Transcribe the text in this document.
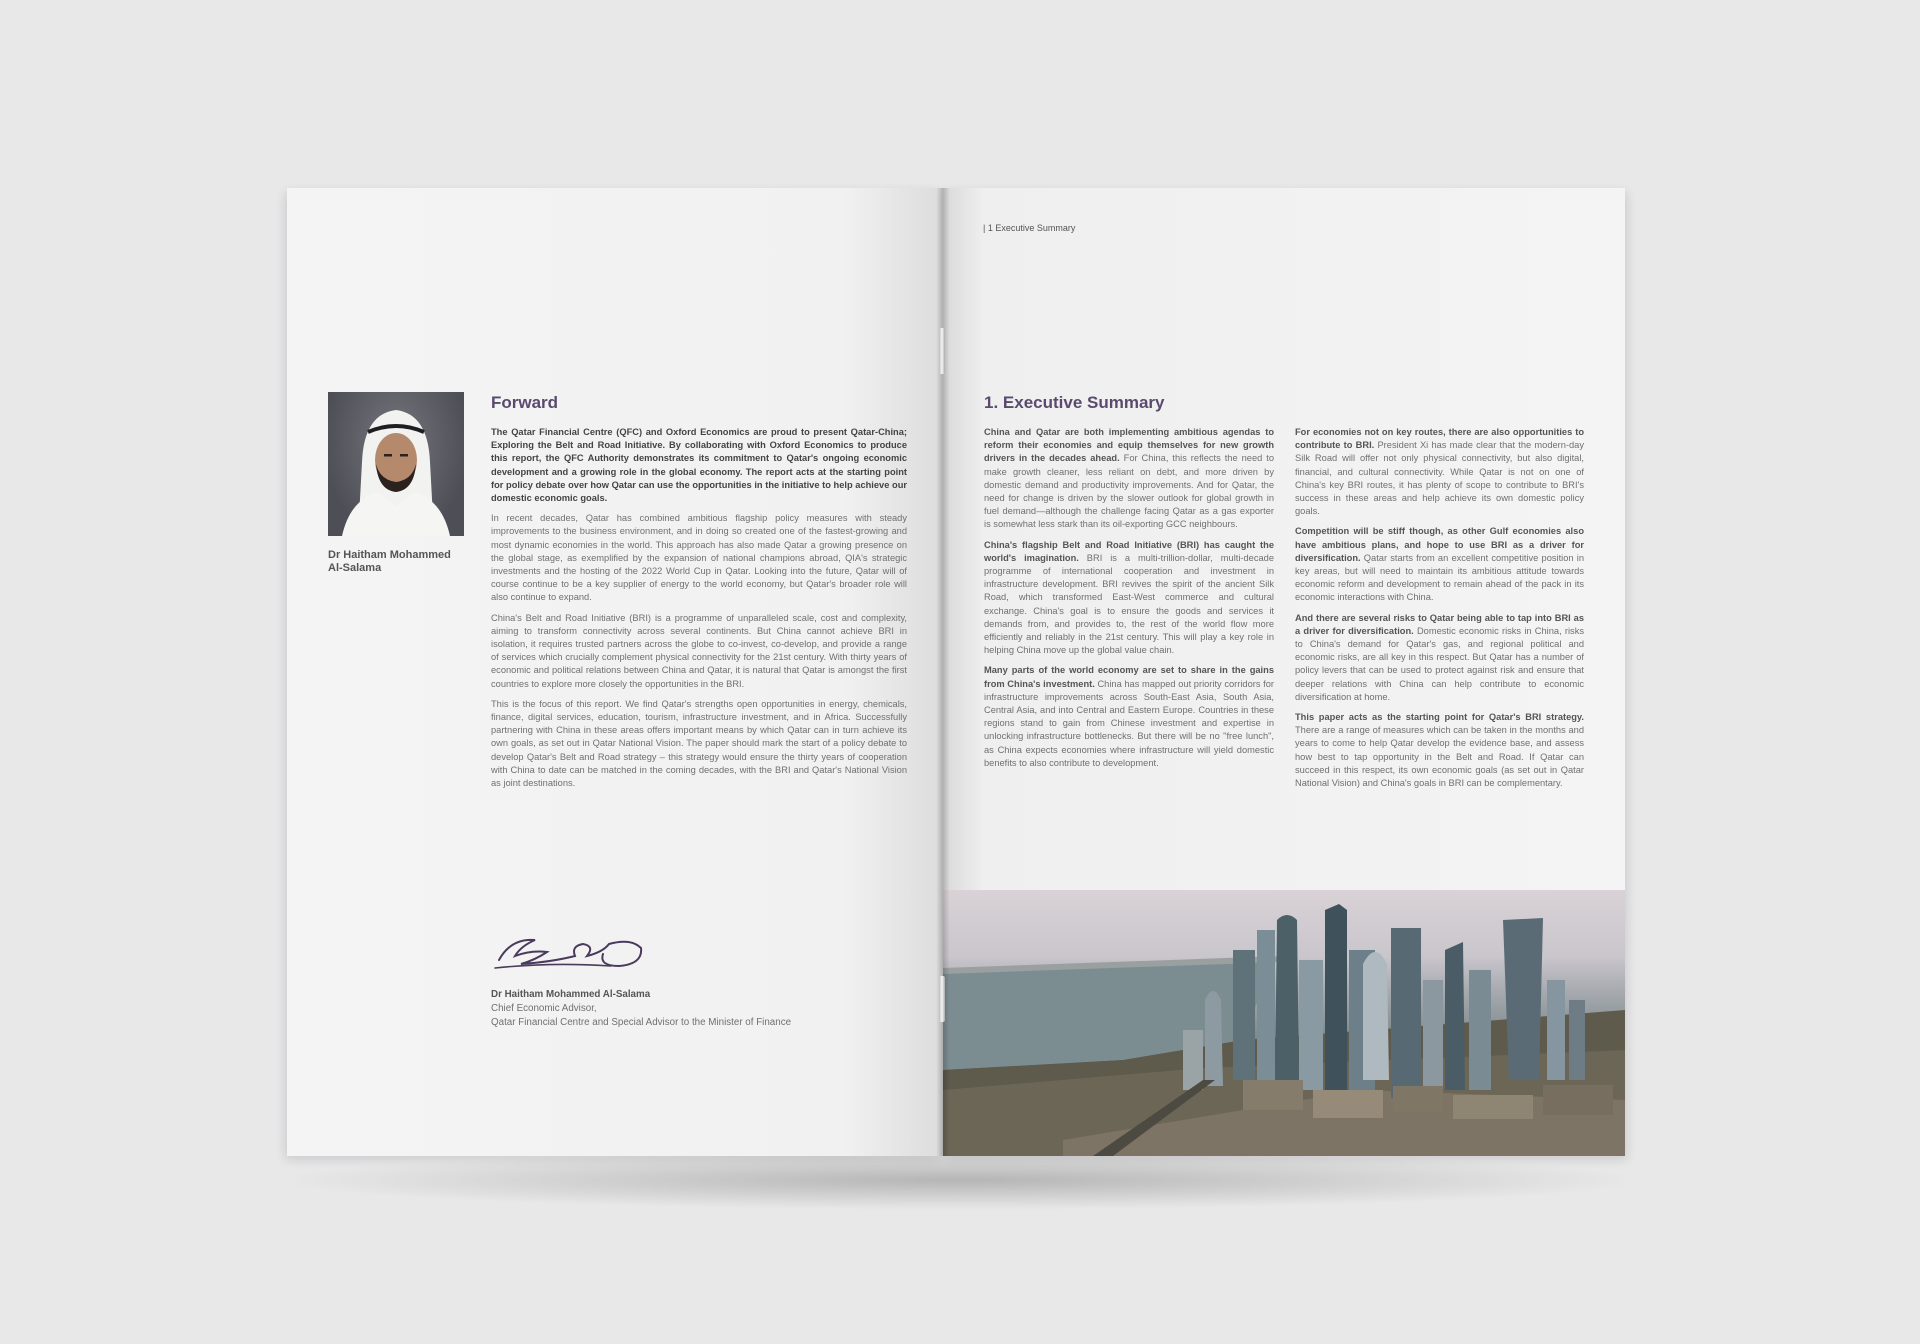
Dr Haitham Mohammed Al-Salama
Forward

The Qatar Financial Centre (QFC) and Oxford Economics are proud to present Qatar-China; Exploring the Belt and Road Initiative. By collaborating with Oxford Economics to produce this report, the QFC Authority demonstrates its commitment to Qatar's ongoing economic development and a growing role in the global economy. The report acts at the starting point for policy debate over how Qatar can use the opportunities in the initiative to help achieve our domestic economic goals.

In recent decades, Qatar has combined ambitious flagship policy measures with steady improvements to the business environment, and in doing so created one of the fastest-growing and most dynamic economies in the world. This approach has also made Qatar a growing presence on the global stage, as exemplified by the expansion of national champions abroad, QIA's strategic investments and the hosting of the 2022 World Cup in Qatar. Looking into the future, Qatar will of course continue to be a key supplier of energy to the world economy, but Qatar's broader role will also continue to expand.

China's Belt and Road Initiative (BRI) is a programme of unparalleled scale, cost and complexity, aiming to transform connectivity across several continents. But China cannot achieve BRI in isolation, it requires trusted partners across the globe to co-invest, co-develop, and provide a range of services which crucially complement physical connectivity for the 21st century. With thirty years of economic and political relations between China and Qatar, it is natural that Qatar is amongst the first countries to explore more closely the opportunities in the BRI.

This is the focus of this report. We find Qatar's strengths open opportunities in energy, chemicals, finance, digital services, education, tourism, infrastructure investment, and in Africa. Successfully partnering with China in these areas offers important means by which Qatar can in turn achieve its own goals, as set out in Qatar National Vision. The paper should mark the start of a policy debate to develop Qatar's Belt and Road strategy – this strategy would ensure the thirty years of cooperation with China to date can be matched in the coming decades, with the BRI and Qatar's National Vision as joint destinations.

Dr Haitham Mohammed Al-Salama
Chief Economic Advisor,
Qatar Financial Centre and Special Advisor to the Minister of Finance
| 1 Executive Summary
1. Executive Summary

China and Qatar are both implementing ambitious agendas to reform their economies and equip themselves for new growth drivers in the decades ahead. For China, this reflects the need to make growth cleaner, less reliant on debt, and more driven by domestic demand and productivity improvements. And for Qatar, the need for change is driven by the slower outlook for global growth in fuel demand—although the challenge facing Qatar as a gas exporter is somewhat less stark than its oil-exporting GCC neighbours.

China's flagship Belt and Road Initiative (BRI) has caught the world's imagination. BRI is a multi-trillion-dollar, multi-decade programme of international cooperation and investment in infrastructure development. BRI revives the spirit of the ancient Silk Road, which transformed East-West commerce and cultural exchange. China's goal is to ensure the goods and services it demands from, and provides to, the rest of the world flow more efficiently and reliably in the 21st century. This will play a key role in helping China move up the global value chain.

Many parts of the world economy are set to share in the gains from China's investment. China has mapped out priority corridors for infrastructure improvements across South-East Asia, South Asia, Central Asia, and into Central and Eastern Europe. Countries in these regions stand to gain from Chinese investment and expertise in unlocking infrastructure bottlenecks. But there will be no "free lunch", as China expects economies where infrastructure will yield domestic benefits to also contribute to development.

For economies not on key routes, there are also opportunities to contribute to BRI. President Xi has made clear that the modern-day Silk Road will offer not only physical connectivity, but also digital, financial, and cultural connectivity. While Qatar is not on one of China's key BRI routes, it has plenty of scope to contribute to BRI's success in these areas and help achieve its own domestic policy goals.

Competition will be stiff though, as other Gulf economies also have ambitious plans, and hope to use BRI as a driver for diversification. Qatar starts from an excellent competitive position in key areas, but will need to maintain its ambitious attitude towards economic reform and development to remain ahead of the pack in its economic interactions with China.

And there are several risks to Qatar being able to tap into BRI as a driver for diversification. Domestic economic risks in China, risks to China's demand for Qatar's gas, and regional political and economic risks, are all key in this respect. But Qatar has a number of policy levers that can be used to protect against risk and ensure that deeper relations with China can help contribute to economic diversification at home.

This paper acts as the starting point for Qatar's BRI strategy. There are a range of measures which can be taken in the months and years to come to help Qatar develop the evidence base, and assess how best to tap opportunity in the Belt and Road. If Qatar can succeed in this respect, its own economic goals (as set out in Qatar National Vision) and China's goals in BRI can be complementary.
